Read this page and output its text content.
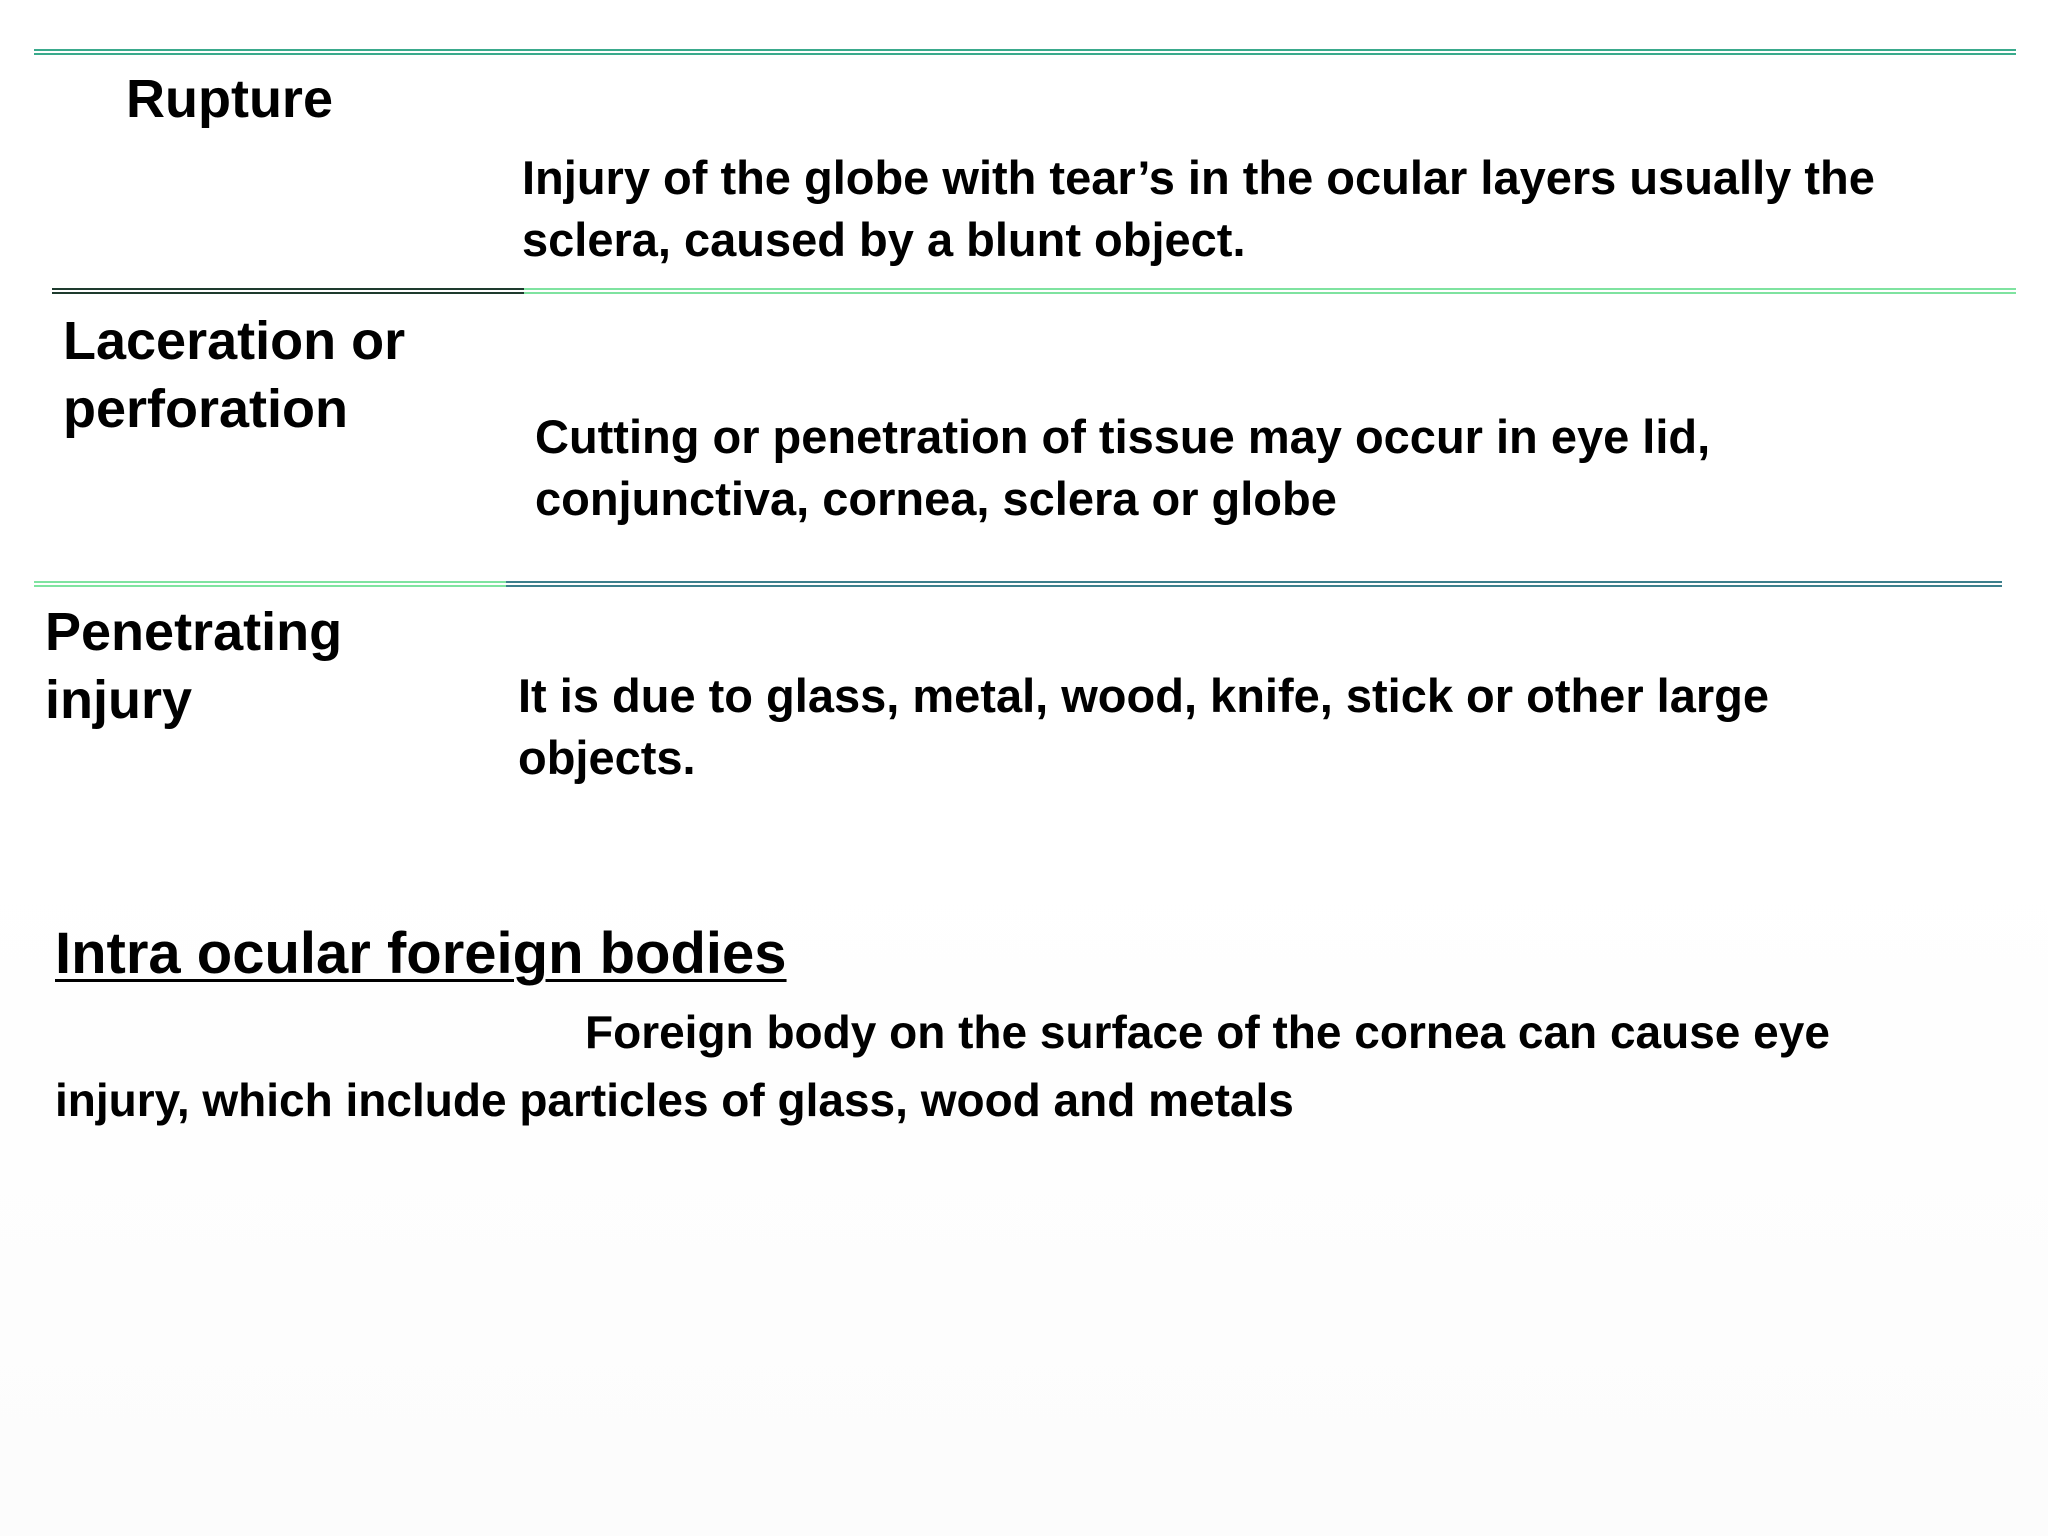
Rupture
Injury of the globe with tear’s in the ocular layers usually the sclera, caused by a blunt object.
Laceration or perforation	Cutting or penetration of tissue may occur in eye lid, conjunctiva, cornea, sclera or globe
Penetrating injury	It is due to glass, metal, wood, knife, stick or other large objects.
Intra ocular foreign bodies

Foreign body on the surface of the cornea can cause eye injury, which include particles of glass, wood and metals
